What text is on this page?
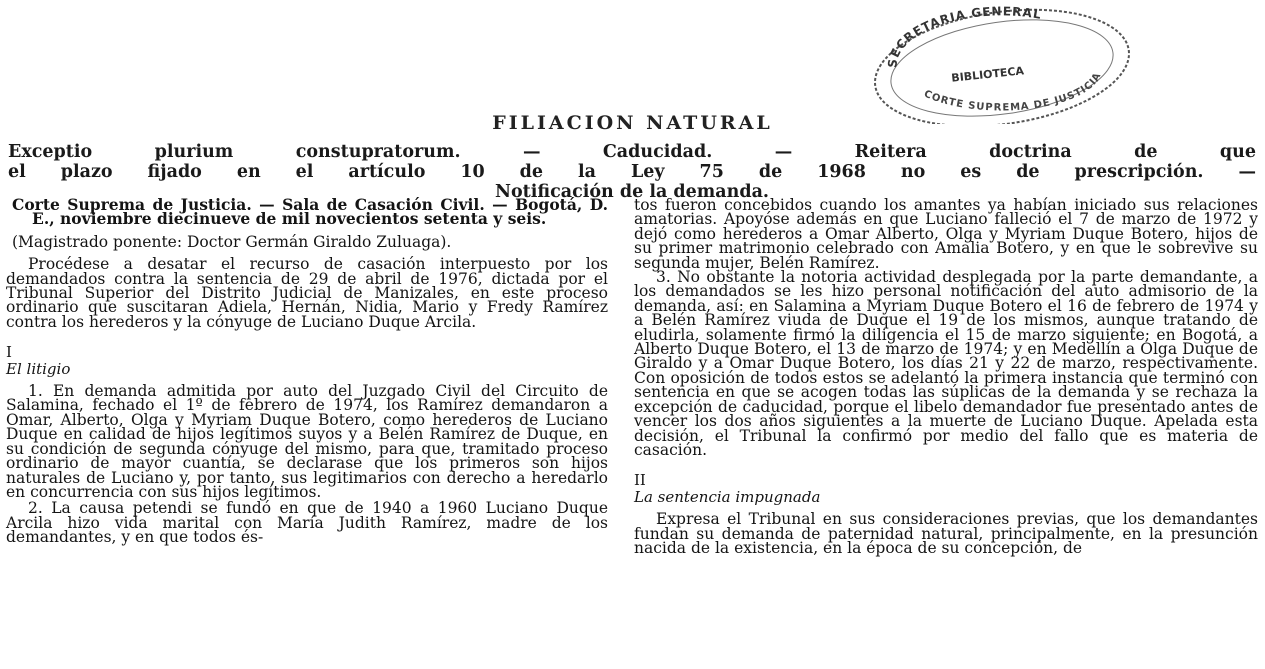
SECRETARIA GENERAL
BIBLIOTECA
CORTE SUPREMA DE JUSTICIA
FILIACION NATURAL
Exceptio plurium constupratorum. — Caducidad. — Reitera doctrina de que
el plazo fijado en el artículo 10 de la Ley 75 de 1968 no es de prescripción. —
Notificación de la demanda.

Corte Suprema de Justicia. — Sala de Casación Civil. — Bogotá, D. E., noviembre diecinueve de mil novecientos setenta y seis.

(Magistrado ponente: Doctor Germán Giraldo Zuluaga).

Procédese a desatar el recurso de casación interpuesto por los demandados contra la sentencia de 29 de abril de 1976, dictada por el Tribunal Superior del Distrito Judicial de Manizales, en este proceso ordinario que suscitaran Adiela, Hernán, Nidia, Mario y Fredy Ramírez contra los herederos y la cónyuge de Luciano Duque Arcila.

I

El litigio

1. En demanda admitida por auto del Juzgado Civil del Circuito de Salamina, fechado el 1º de febrero de 1974, los Ramírez demandaron a Omar, Alberto, Olga y Myriam Duque Botero, como herederos de Luciano Duque en calidad de hijos legítimos suyos y a Belén Ramírez de Duque, en su condición de segunda cónyuge del mismo, para que, tramitado proceso ordinario de mayor cuantía, se declarase que los primeros son hijos naturales de Luciano y, por tanto, sus legitimarios con derecho a heredarlo en concurrencia con sus hijos legítimos.

2. La causa petendi se fundó en que de 1940 a 1960 Luciano Duque Arcila hizo vida marital con María Judith Ramírez, madre de los demandantes, y en que todos és-

tos fueron concebidos cuando los amantes ya habían iniciado sus relaciones amatorias. Apoyóse además en que Luciano falleció el 7 de marzo de 1972 y dejó como herederos a Omar Alberto, Olga y Myriam Duque Botero, hijos de su primer matrimonio celebrado con Amalia Botero, y en que le sobrevive su segunda mujer, Belén Ramírez.

3. No obstante la notoria actividad desplegada por la parte demandante, a los demandados se les hizo personal notificación del auto admisorio de la demanda, así: en Salamina a Myriam Duque Botero el 16 de febrero de 1974 y a Belén Ramírez viuda de Duque el 19 de los mismos, aunque tratando de eludirla, solamente firmó la diligencia el 15 de marzo siguiente; en Bogotá, a Alberto Duque Botero, el 13 de marzo de 1974; y en Medellín a Olga Duque de Giraldo y a Omar Duque Botero, los días 21 y 22 de marzo, respectivamente. Con oposición de todos estos se adelantó la primera instancia que terminó con sentencia en que se acogen todas las súplicas de la demanda y se rechaza la excepción de caducidad, porque el libelo demandador fue presentado antes de vencer los dos años siguientes a la muerte de Luciano Duque. Apelada esta decisión, el Tribunal la confirmó por medio del fallo que es materia de casación.

II

La sentencia impugnada

Expresa el Tribunal en sus consideraciones previas, que los demandantes fundan su demanda de paternidad natural, principalmente, en la presunción nacida de la existencia, en la época de su concepción, de
